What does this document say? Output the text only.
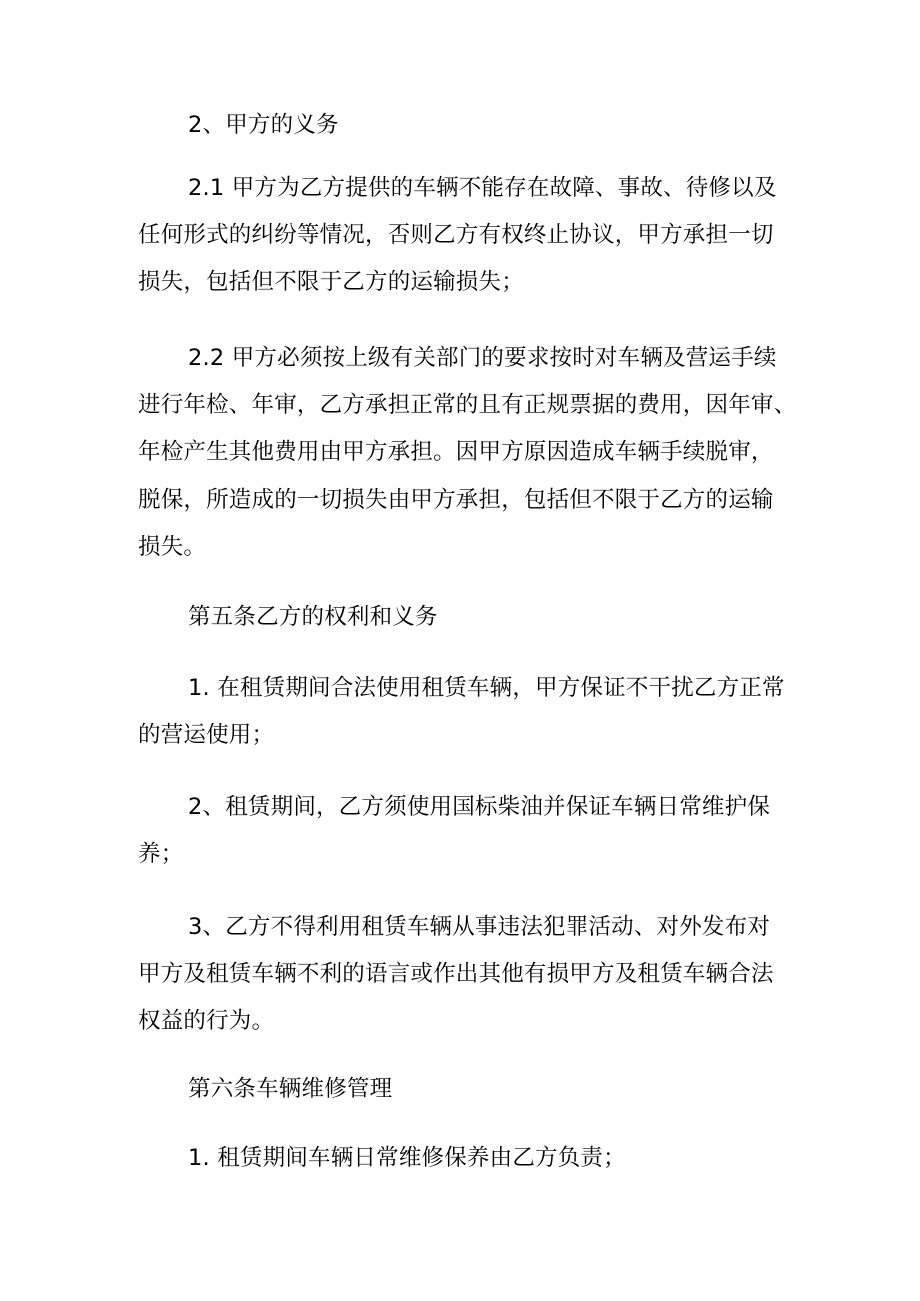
2、甲方的义务
2.1 甲方为乙方提供的车辆不能存在故障、事故、待修以及
任何形式的纠纷等情况，否则乙方有权终止协议，甲方承担一切
损失，包括但不限于乙方的运输损失；
2.2 甲方必须按上级有关部门的要求按时对车辆及营运手续
进行年检、年审，乙方承担正常的且有正规票据的费用，因年审、
年检产生其他费用由甲方承担。因甲方原因造成车辆手续脱审，
脱保，所造成的一切损失由甲方承担，包括但不限于乙方的运输
损失。
第五条乙方的权利和义务
1. 在租赁期间合法使用租赁车辆，甲方保证不干扰乙方正常
的营运使用；
2、租赁期间，乙方须使用国标柴油并保证车辆日常维护保
养；
3、乙方不得利用租赁车辆从事违法犯罪活动、对外发布对
甲方及租赁车辆不利的语言或作出其他有损甲方及租赁车辆合法
权益的行为。
第六条车辆维修管理
1. 租赁期间车辆日常维修保养由乙方负责；
